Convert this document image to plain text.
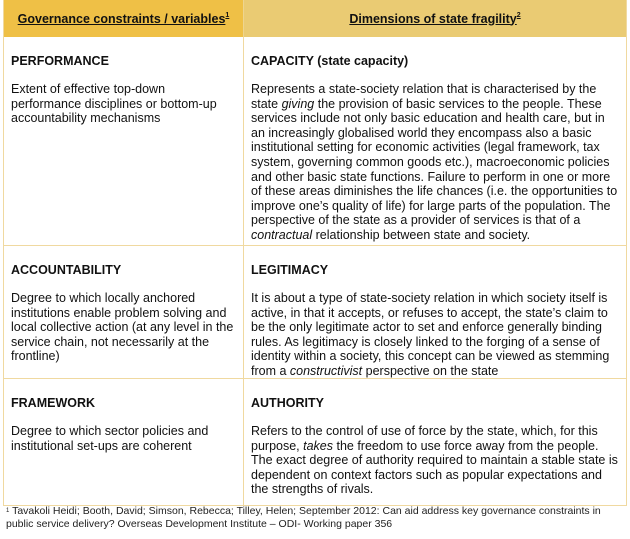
Governance constraints / variables$^1$	Dimensions of state fragility$^2$
PERFORMANCE
Extent of effective top-down performance disciplines or bottom-up accountability mechanisms
CAPACITY (state capacity)
Represents a state-society relation that is characterised by the state giving the provision of basic services to the people. These services include not only basic education and health care, but in an increasingly globalised world they encompass also a basic institutional setting for economic activities (legal framework, tax system, governing common goods etc.), macroeconomic policies and other basic state functions. Failure to perform in one or more of these areas diminishes the life chances (i.e. the opportunities to improve one’s quality of life) for large parts of the population. The perspective of the state as a provider of services is that of a contractual relationship between state and society.
ACCOUNTABILITY
Degree to which locally anchored institutions enable problem solving and local collective action (at any level in the service chain, not necessarily at the frontline)
LEGITIMACY
It is about a type of state-society relation in which society itself is active, in that it accepts, or refuses to accept, the state’s claim to be the only legitimate actor to set and enforce generally binding rules. As legitimacy is closely linked to the forging of a sense of identity within a society, this concept can be viewed as stemming from a constructivist perspective on the state
FRAMEWORK
Degree to which sector policies and institutional set-ups are coherent
AUTHORITY
Refers to the control of use of force by the state, which, for this purpose, takes the freedom to use force away from the people. The exact degree of authority required to maintain a stable state is dependent on context factors such as popular expectations and the strengths of rivals.
$^1$ Tavakoli Heidi; Booth, David; Simson, Rebecca; Tilley, Helen; September 2012: Can aid address key governance constraints in public service delivery? Overseas Development Institute – ODI- Working paper 356
